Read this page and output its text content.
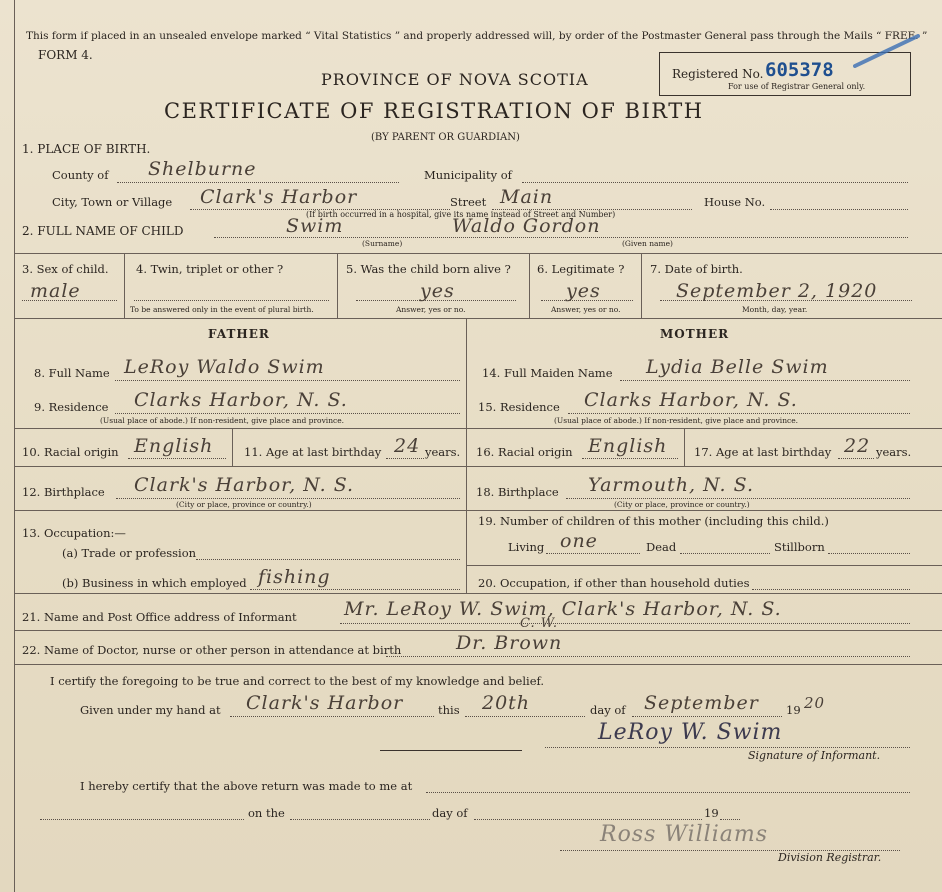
This form if placed in an unsealed envelope marked “ Vital Statistics ” and properly addressed will, by order of the Postmaster General pass through the Mails “ FREE. ”
FORM 4.
PROVINCE OF NOVA SCOTIA
CERTIFICATE OF REGISTRATION OF BIRTH
(BY PARENT OR GUARDIAN)
Registered No. 605378
For use of Registrar General only.
1. PLACE OF BIRTH.
County of Shelburne	Municipality of
City, Town or Village Clark's Harbor	Street Main	House No.
(If birth occurred in a hospital, give its name instead of Street and Number)
2. FULL NAME OF CHILD	Swim	Waldo Gordon
(Surname)	(Given name)
3. Sex of child.
male
4. Twin, triplet or other ?
To be answered only in the event of plural birth.
5. Was the child born alive ?
yes
Answer, yes or no.
6. Legitimate ?
yes
Answer, yes or no.
7. Date of birth.
September 2, 1920
Month, day, year.
FATHER	MOTHER
8. Full Name LeRoy Waldo Swim	14. Full Maiden Name Lydia Belle Swim
9. Residence Clarks Harbor, N. S.
(Usual place of abode.) If non-resident, give place and province.
15. Residence Clarks Harbor, N. S.
(Usual place of abode.) If non-resident, give place and province.
10. Racial origin English	11. Age at last birthday 24 years. 16. Racial origin English 17. Age at last birthday 22 years.
12. Birthplace Clark's Harbor, N. S.
(City or place, province or country.)
18. Birthplace Yarmouth, N. S.
(City or place, province or country.)
13. Occupation:—
(a) Trade or profession
(b) Business in which employed fishing
19. Number of children of this mother (including this child.)
Living one	Dead	Stillborn
20. Occupation, if other than household duties
21. Name and Post Office address of Informant Mr. LeRoy W. Swim, Clark's Harbor, N. S.
C. W.
22. Name of Doctor, nurse or other person in attendance at birth	Dr. Brown
I certify the foregoing to be true and correct to the best of my knowledge and belief.
Given under my hand at Clark's Harbor	this 20th	day of September 19 20
LeRoy W. Swim
Signature of Informant.
I hereby certify that the above return was made to me at
on the	day of	19
Ross Williams
Division Registrar.
